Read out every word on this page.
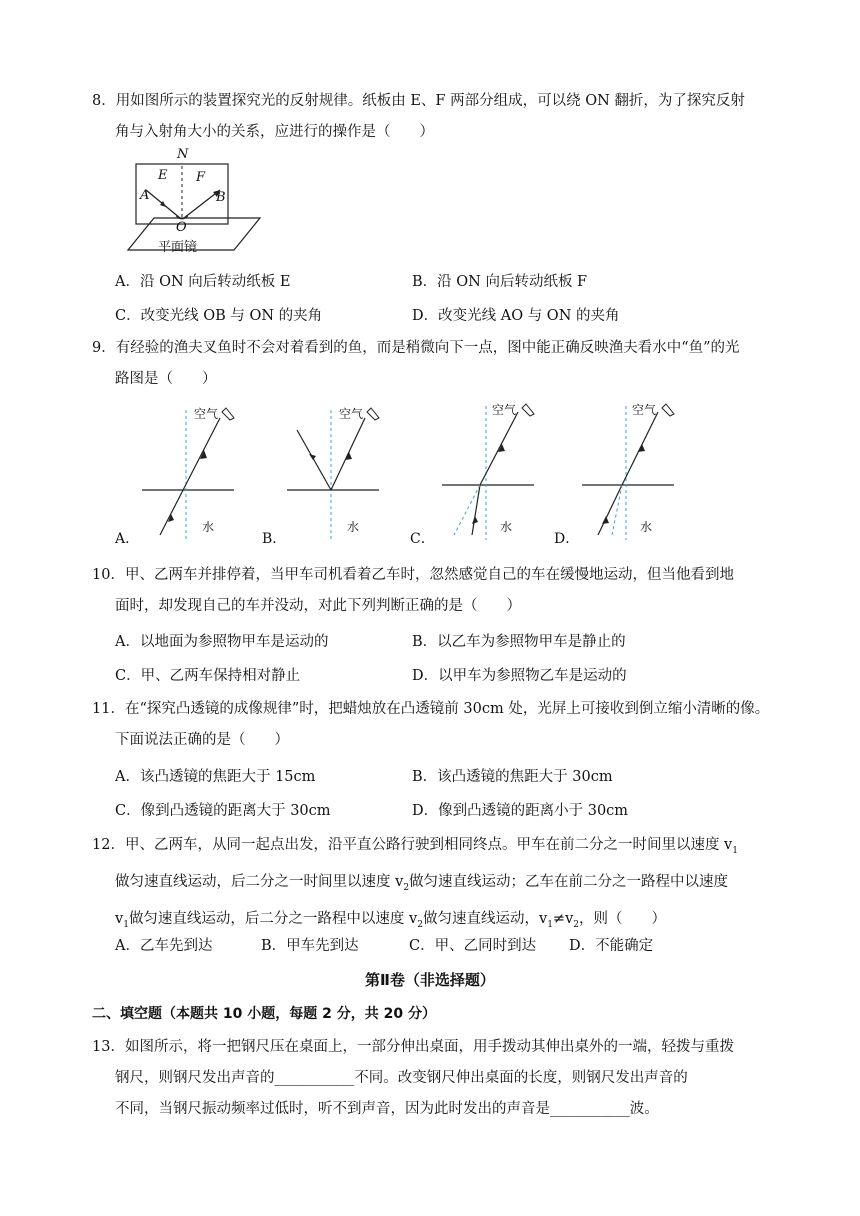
8．用如图所示的装置探究光的反射规律。纸板由 E、F 两部分组成，可以绕 ON 翻折，为了探究反射
角与入射角大小的关系，应进行的操作是（　　）
N
E F
A	B
O
平面镜
A．沿 ON 向后转动纸板 E	B．沿 ON 向后转动纸板 F
C．改变光线 OB 与 ON 的夹角	D．改变光线 AO 与 ON 的夹角
9．有经验的渔夫叉鱼时不会对着看到的鱼，而是稍微向下一点，图中能正确反映渔夫看水中“鱼”的光
路图是（　　）
空气
水
A．
空气
水
B．
空气
水
C．
空气
水
D．
10．甲、乙两车并排停着，当甲车司机看着乙车时，忽然感觉自己的车在缓慢地运动，但当他看到地
面时，却发现自己的车并没动，对此下列判断正确的是（　　）
A．以地面为参照物甲车是运动的	B．以乙车为参照物甲车是静止的
C．甲、乙两车保持相对静止	D．以甲车为参照物乙车是运动的
11．在“探究凸透镜的成像规律”时，把蜡烛放在凸透镜前 30cm 处，光屏上可接收到倒立缩小清晰的像。
下面说法正确的是（　　）
A．该凸透镜的焦距大于 15cm	B．该凸透镜的焦距大于 30cm
C．像到凸透镜的距离大于 30cm	D．像到凸透镜的距离小于 30cm
12．甲、乙两车，从同一起点出发，沿平直公路行驶到相同终点。甲车在前二分之一时间里以速度 $v_1$
做匀速直线运动，后二分之一时间里以速度 $v_2$做匀速直线运动；乙车在前二分之一路程中以速度
$v_1$做匀速直线运动，后二分之一路程中以速度 $v_2$做匀速直线运动，$v_1\ne v_2$，则（　　）
A．乙车先到达	B．甲车先到达	C．甲、乙同时到达 D．不能确定
第Ⅱ卷（非选择题）
二、填空题（本题共 10 小题，每题 2 分，共 20 分）
13．如图所示，将一把钢尺压在桌面上，一部分伸出桌面，用手拨动其伸出桌外的一端，轻拨与重拨
钢尺，则钢尺发出声音的___________不同。改变钢尺伸出桌面的长度，则钢尺发出声音的
不同，当钢尺振动频率过低时，听不到声音，因为此时发出的声音是___________波。
